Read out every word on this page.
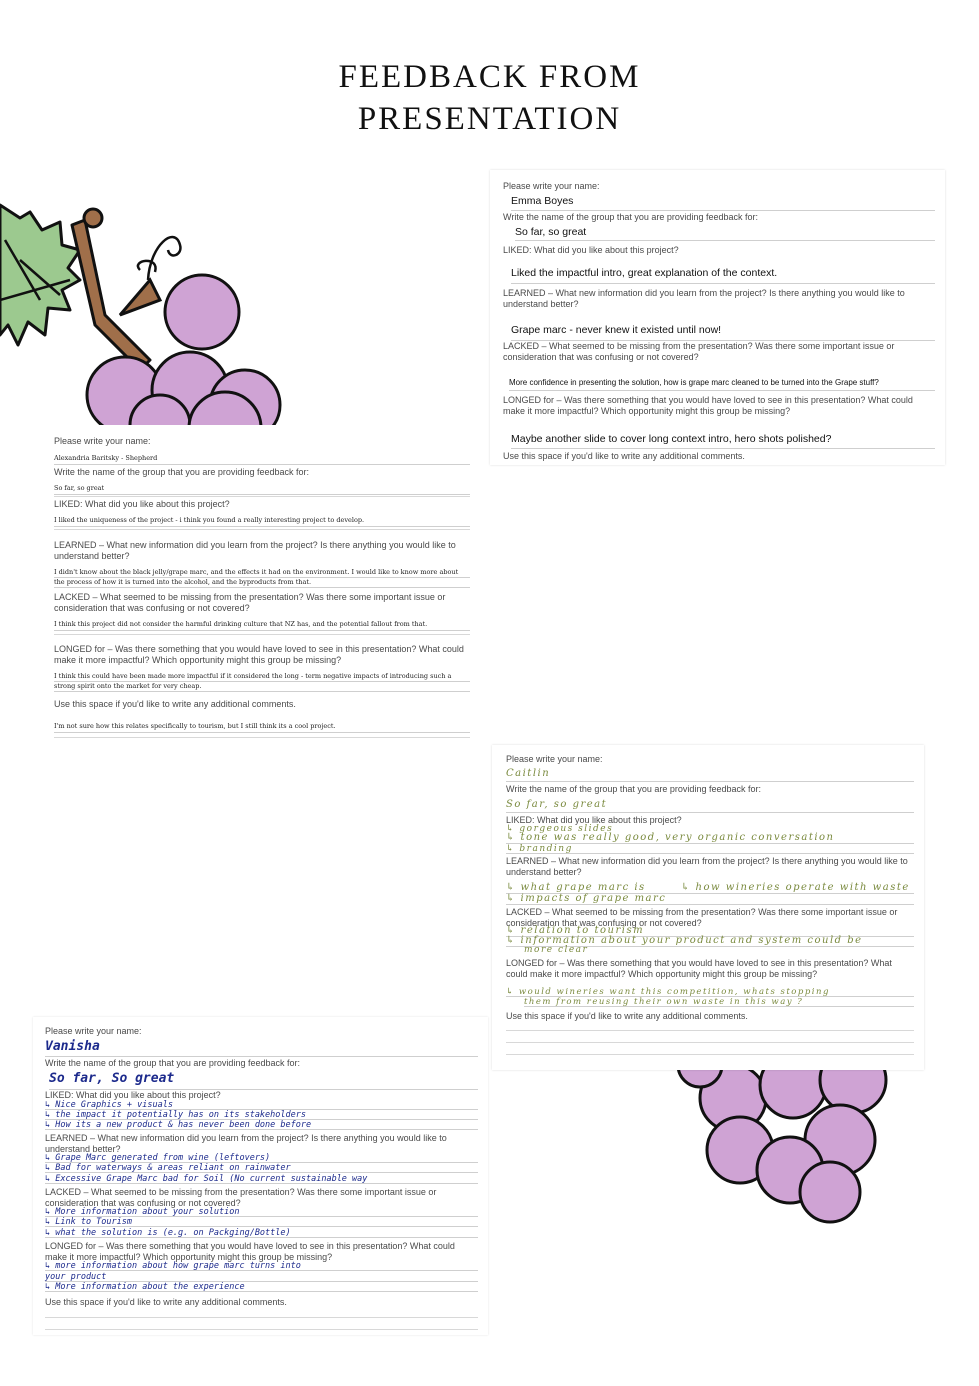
FEEDBACK FROM
PRESENTATION
Please write your name:
Emma Boyes
Write the name of the group that you are providing feedback for:
So far, so great
LIKED: What did you like about this project?
Liked the impactful intro, great explanation of the context.
LEARNED – What new information did you learn from the project? Is there anything you would like to understand better?
Grape marc - never knew it existed until now!
LACKED – What seemed to be missing from the presentation? Was there some important issue or consideration that was confusing or not covered?
More confidence in presenting the solution, how is grape marc cleaned to be turned into the Grape stuff?
LONGED for – Was there something that you would have loved to see in this presentation? What could make it more impactful? Which opportunity might this group be missing?
Maybe another slide to cover long context intro, hero shots polished?
Use this space if you'd like to write any additional comments.
Please write your name:
Alexandria Baritsky - Shepherd
Write the name of the group that you are providing feedback for:
So far, so great
LIKED: What did you like about this project?
I liked the uniqueness of the project - i think you found a really interesting project to develop.
LEARNED – What new information did you learn from the project? Is there anything you would like to understand better?
I didn't know about the black jelly/grape marc, and the effects it had on the environment. I would like to know more about
the process of how it is turned into the alcohol, and the byproducts from that.
LACKED – What seemed to be missing from the presentation? Was there some important issue or consideration that was confusing or not covered?
I think this project did not consider the harmful drinking culture that NZ has, and the potential fallout from that.
LONGED for – Was there something that you would have loved to see in this presentation? What could make it more impactful? Which opportunity might this group be missing?
I think this could have been made more impactful if it considered the long - term negative impacts of introducing such a
strong spirit onto the market for very cheap.
Use this space if you'd like to write any additional comments.
I'm not sure how this relates specifically to tourism, but I still think its a cool project.
Please write your name:
Caitlin
Write the name of the group that you are providing feedback for:
So far, so great
LIKED: What did you like about this project?
↳ gorgeous slides
↳ tone was really good, very organic conversation
↳ branding
LEARNED – What new information did you learn from the project? Is there anything you would like to understand better?
↳ what grape marc is	↳ how wineries operate with waste
↳ impacts of grape marc
LACKED – What seemed to be missing from the presentation? Was there some important issue or consideration that was confusing or not covered?
↳ relation to tourism
↳ information about your product and system could be
more clear
LONGED for – Was there something that you would have loved to see in this presentation? What could make it more impactful? Which opportunity might this group be missing?
↳ would wineries want this competition, whats stopping
them from reusing their own waste in this way ?
Use this space if you'd like to write any additional comments.
Please write your name:
Vanisha
Write the name of the group that you are providing feedback for:
So far, So great
LIKED: What did you like about this project?
↳ Nice Graphics + visuals
↳ the impact it potentially has on its stakeholders
↳ How its a new product & has never been done before
LEARNED – What new information did you learn from the project? Is there anything you would like to understand better?
↳ Grape Marc generated from wine (leftovers)
↳ Bad for waterways & areas reliant on rainwater
↳ Excessive Grape Marc bad for Soil (No current sustainable way
LACKED – What seemed to be missing from the presentation? Was there some important issue or consideration that was confusing or not covered?
↳ More information about your solution
↳ Link to Tourism
↳ what the solution is (e.g. on Packging/Bottle)
LONGED for – Was there something that you would have loved to see in this presentation? What could make it more impactful? Which opportunity might this group be missing?
↳ more information about how grape marc turns into
your product
↳ More information about the experience
Use this space if you'd like to write any additional comments.
